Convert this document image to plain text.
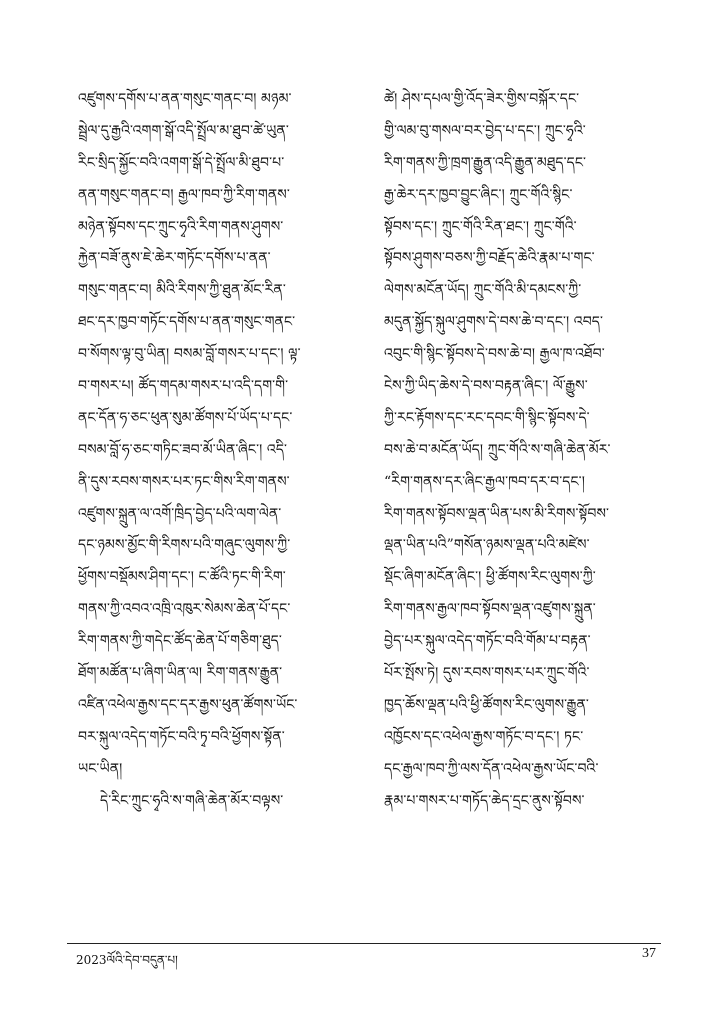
འཛུགས་དགོས་པ་ནན་གསུང་གནང་བ། མཉམ་
སྦྲེལ་དུ་རྒྱའི་འགག་སྒོ་འདི་སྤྲོལ་མ་ཐུབ་ཚེ་ཡུན་
རིང་སྲིད་སྐྱོང་བའི་འགག་སྒོ་དེ་སྤྲོལ་མི་ཐུབ་པ་
ནན་གསུང་གནང་བ། རྒྱལ་ཁབ་ཀྱི་རིག་གནས་
མཉེན་སྟོབས་དང་ཀྲུང་ཧྭའི་རིག་གནས་ཤུགས་
རྐྱེན་བཟོ་ནུས་ཇེ་ཆེར་གཏོང་དགོས་པ་ནན་
གསུང་གནང་བ། མིའི་རིགས་ཀྱི་ཐུན་མོང་རིན་
ཐང་དར་ཁྱབ་གཏོང་དགོས་པ་ནན་གསུང་གནང་
བ་སོགས་ལྟ་བུ་ཡིན། བསམ་བློ་གསར་པ་དང་། ལྟ་
བ་གསར་པ། ཚོད་གདམ་གསར་པ་འདི་དག་གི་
ནང་དོན་ཧ་ཅང་ཕུན་སུམ་ཚོགས་པོ་ཡོད་པ་དང་
བསམ་བློ་ཧ་ཅང་གཏིང་ཟབ་མོ་ཡིན་ཞིང་། འདི་
ནི་དུས་རབས་གསར་པར་ཏང་གིས་རིག་གནས་
འཛུགས་སྐྲུན་ལ་འགོ་ཁྲིད་བྱེད་པའི་ལག་ལེན་
དང་ཉམས་མྱོང་གི་རིགས་པའི་གཞུང་ལུགས་ཀྱི་
ཕྱོགས་བསྡོམས་ཤིག་དང་། ང་ཚོའི་ཏང་གི་རིག་
གནས་ཀྱི་འབའ་འཁྲི་འཁུར་སེམས་ཆེན་པོ་དང་
རིག་གནས་ཀྱི་གདེང་ཚོད་ཆེན་པོ་གཅིག་ཐུད་
ཐོག་མཚོན་པ་ཞིག་ཡིན་ལ། རིག་གནས་རྒྱུན་
འཛིན་འཕེལ་རྒྱས་དང་དར་རྒྱས་ཕུན་ཚོགས་ཡོང་
བར་སྐུལ་འདེད་གཏོང་བའི་ཏྭ་བའི་ཕྱོགས་སྟོན་
ཡང་ཡིན།
དེ་རིང་ཀྲུང་ཧྭའི་ས་གཞི་ཆེན་མོར་བལྟས་
ཚེ། ཤེས་དཔལ་གྱི་འོད་ཟེར་གྱིས་བསྐོར་དང་
གྱི་ལམ་བུ་གསལ་བར་བྱེད་པ་དང་། ཀྲུང་ཧྭའི་
རིག་གནས་ཀྱི་ཁྲག་རྒྱུན་འདི་རྒྱུན་མཐུད་དང་
རྒྱ་ཆེར་དར་ཁྱབ་བྱུང་ཞིང་། ཀྲུང་གོའི་སྙིང་
སྟོབས་དང་། ཀྲུང་གོའི་རིན་ཐང་། ཀྲུང་གོའི་
སྟོབས་ཤུགས་བཅས་ཀྱི་བརྗོད་ཆེའི་རྣམ་པ་གང་
ལེགས་མངོན་ཡོད། ཀྲུང་གོའི་མི་དམངས་ཀྱི་
མདུན་སྐྱོད་སྐུལ་ཤུགས་དེ་བས་ཆེ་བ་དང་། འབད་
འབུང་གི་སྙིང་སྟོབས་དེ་བས་ཆེ་བ། རྒྱལ་ཁ་འཐོབ་
ངེས་ཀྱི་ཡིད་ཆེས་དེ་བས་བརྟན་ཞིང་། ལོ་རྒྱུས་
ཀྱི་རང་རྟོགས་དང་རང་དབང་གི་སྙིང་སྟོབས་དེ་
བས་ཆེ་བ་མངོན་ཡོད། ཀྲུང་གོའི་ས་གཞི་ཆེན་མོར་
“རིག་གནས་དར་ཞིང་རྒྱལ་ཁབ་དར་བ་དང་།
རིག་གནས་སྟོབས་ལྡན་ཡིན་པས་མི་རིགས་སྟོབས་
ལྡན་ཡིན་པའི”གསོན་ཉམས་ལྡན་པའི་མཛེས་
སྡོང་ཞིག་མངོན་ཞིང་། ཕྱི་ཚོགས་རིང་ལུགས་ཀྱི་
རིག་གནས་རྒྱལ་ཁབ་སྟོབས་ལྡན་འཛུགས་སྐྲུན་
བྱེད་པར་སྐུལ་འདེད་གཏོང་བའི་གོམ་པ་བརྟན་
པོར་སྤོས་ཏེ། དུས་རབས་གསར་པར་ཀྲུང་གོའི་
ཁྱད་ཆོས་ལྡན་པའི་ཕྱི་ཚོགས་རིང་ལུགས་རྒྱུན་
འཁྱོངས་དང་འཕེལ་རྒྱས་གཏོང་བ་དང་། ཏང་
དང་རྒྱལ་ཁབ་ཀྱི་ལས་དོན་འཕེལ་རྒྱས་ཡོང་བའི་
རྣམ་པ་གསར་པ་གཏོད་ཆེད་དྲང་ནུས་སྟོབས་
2023ལོའི་དེབ་བདུན་པ།	37
